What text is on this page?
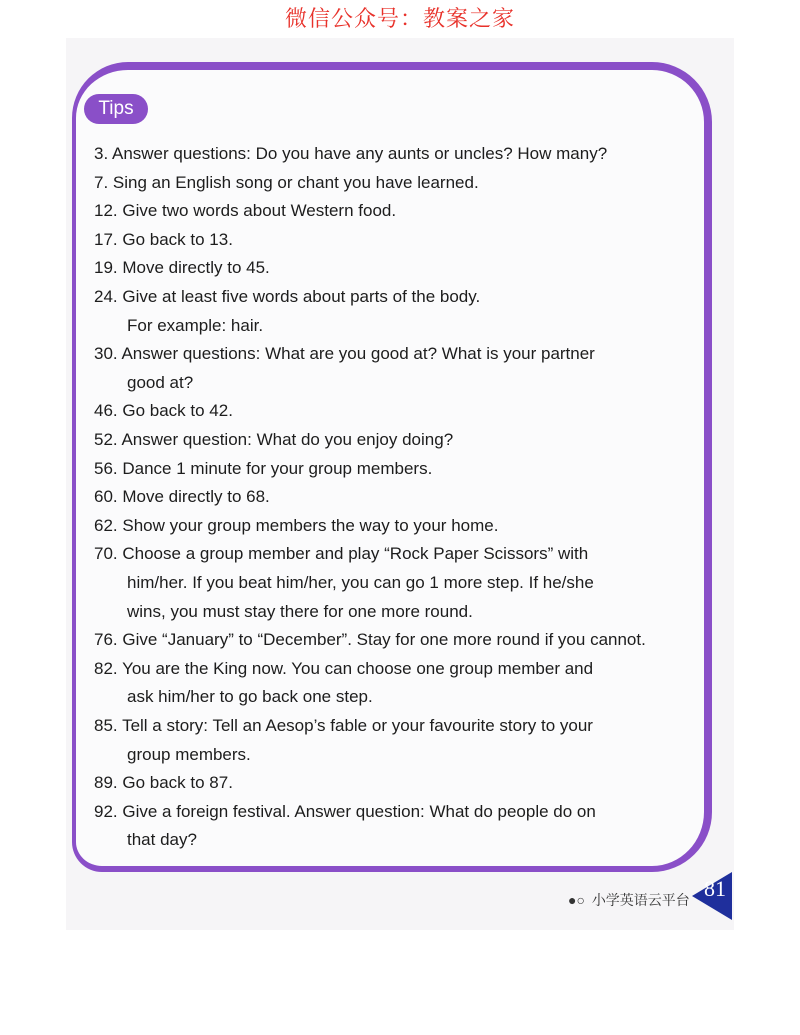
微信公众号：教案之家
Tips
3. Answer questions: Do you have any aunts or uncles? How many?
7. Sing an English song or chant you have learned.
12. Give two words about Western food.
17. Go back to 13.
19. Move directly to 45.
24. Give at least five words about parts of the body.
For example: hair.
30. Answer questions: What are you good at? What is your partner
good at?
46. Go back to 42.
52. Answer question: What do you enjoy doing?
56. Dance 1 minute for your group members.
60. Move directly to 68.
62. Show your group members the way to your home.
70. Choose a group member and play “Rock Paper Scissors” with
him/her. If you beat him/her, you can go 1 more step. If he/she
wins, you must stay there for one more round.
76. Give “January” to “December”. Stay for one more round if you cannot.
82. You are the King now. You can choose one group member and
ask him/her to go back one step.
85. Tell a story: Tell an Aesop’s fable or your favourite story to your
group members.
89. Go back to 87.
92. Give a foreign festival. Answer question: What do people do on
that day?
●○ 小学英语云平台 81
